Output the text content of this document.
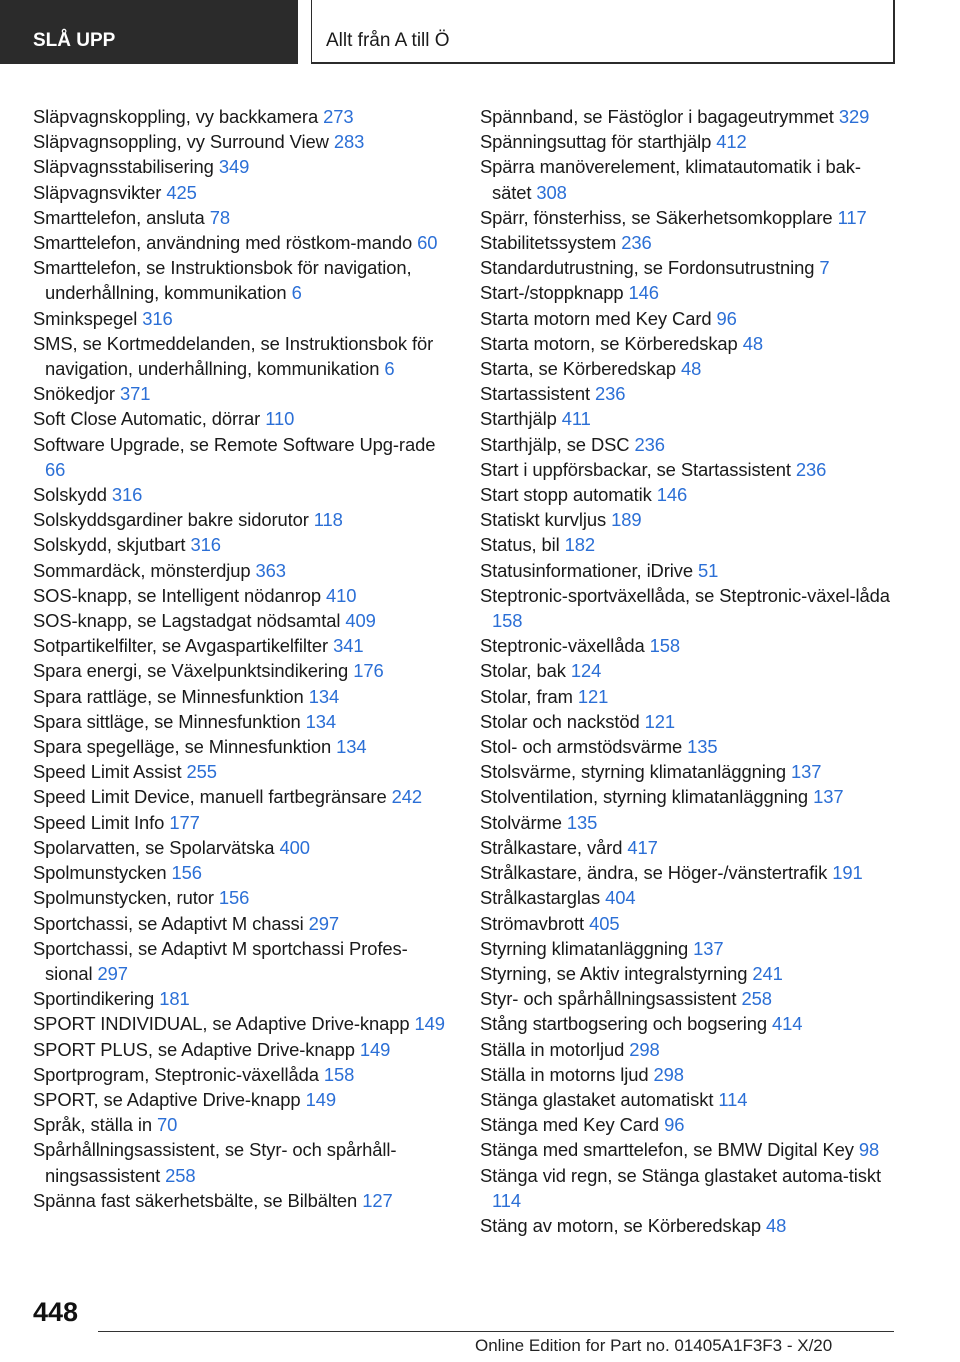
SLÅ UPP	Allt från A till Ö
Släpvagnskoppling, vy backkamera 273
Släpvagnsoppling, vy Surround View 283
Släpvagnsstabilisering 349
Släpvagnsvikter 425
Smarttelefon, ansluta 78
Smarttelefon, användning med röstkom-mando 60
Smarttelefon, se Instruktionsbok för navigation, underhållning, kommunikation 6
Sminkspegel 316
SMS, se Kortmeddelanden, se Instruktionsbok för navigation, underhållning, kommunikation 6
Snökedjor 371
Soft Close Automatic, dörrar 110
Software Upgrade, se Remote Software Upg-rade 66
Solskydd 316
Solskyddsgardiner bakre sidorutor 118
Solskydd, skjutbart 316
Sommardäck, mönsterdjup 363
SOS-knapp, se Intelligent nödanrop 410
SOS-knapp, se Lagstadgat nödsamtal 409
Sotpartikelfilter, se Avgaspartikelfilter 341
Spara energi, se Växelpunktsindikering 176
Spara rattläge, se Minnesfunktion 134
Spara sittläge, se Minnesfunktion 134
Spara spegelläge, se Minnesfunktion 134
Speed Limit Assist 255
Speed Limit Device, manuell fartbegränsare 242
Speed Limit Info 177
Spolarvatten, se Spolarvätska 400
Spolmunstycken 156
Spolmunstycken, rutor 156
Sportchassi, se Adaptivt M chassi 297
Sportchassi, se Adaptivt M sportchassi Profes-sional 297
Sportindikering 181
SPORT INDIVIDUAL, se Adaptive Drive-knapp 149
SPORT PLUS, se Adaptive Drive-knapp 149
Sportprogram, Steptronic-växellåda 158
SPORT, se Adaptive Drive-knapp 149
Språk, ställa in 70
Spårhållningsassistent, se Styr- och spårhåll-ningsassistent 258
Spänna fast säkerhetsbälte, se Bilbälten 127
Spännband, se Fästöglor i bagageutrymmet 329
Spänningsuttag för starthjälp 412
Spärra manöverelement, klimatautomatik i bak-sätet 308
Spärr, fönsterhiss, se Säkerhetsomkopplare 117
Stabilitetssystem 236
Standardutrustning, se Fordonsutrustning 7
Start-/stoppknapp 146
Starta motorn med Key Card 96
Starta motorn, se Körberedskap 48
Starta, se Körberedskap 48
Startassistent 236
Starthjälp 411
Starthjälp, se DSC 236
Start i uppförsbackar, se Startassistent 236
Start stopp automatik 146
Statiskt kurvljus 189
Status, bil 182
Statusinformationer, iDrive 51
Steptronic-sportväxellåda, se Steptronic-växel-låda 158
Steptronic-växellåda 158
Stolar, bak 124
Stolar, fram 121
Stolar och nackstöd 121
Stol- och armstödsvärme 135
Stolsvärme, styrning klimatanläggning 137
Stolventilation, styrning klimatanläggning 137
Stolvärme 135
Strålkastare, vård 417
Strålkastare, ändra, se Höger-/vänstertrafik 191
Strålkastarglas 404
Strömavbrott 405
Styrning klimatanläggning 137
Styrning, se Aktiv integralstyrning 241
Styr- och spårhållningsassistent 258
Stång startbogsering och bogsering 414
Ställa in motorljud 298
Ställa in motorns ljud 298
Stänga glastaket automatiskt 114
Stänga med Key Card 96
Stänga med smarttelefon, se BMW Digital Key 98
Stänga vid regn, se Stänga glastaket automa-tiskt 114
Stäng av motorn, se Körberedskap 48
448
Online Edition for Part no. 01405A1F3F3 - X/20
